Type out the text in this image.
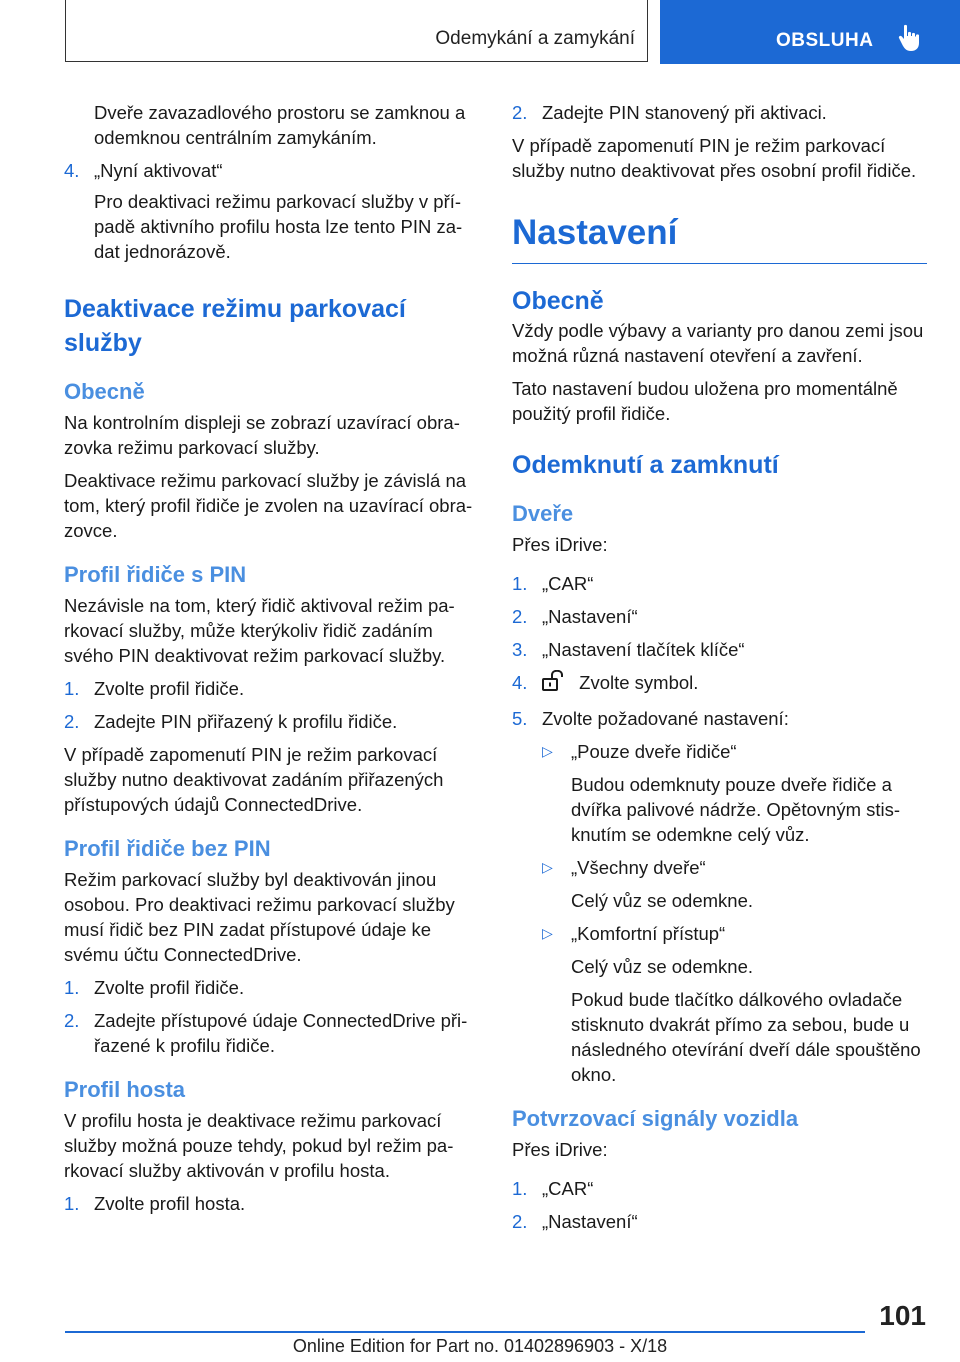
Odemykání a zamykání	OBSLUHA

Dveře zavazadlového prostoru se zamknou a odemknou centrálním zamykáním.

4. „Nyní aktivovat“

Pro deaktivaci režimu parkovací služby v pří-padě aktivního profilu hosta lze tento PIN za-dat jednorázově.

Deaktivace režimu parkovací služby
Obecně

Na kontrolním displeji se zobrazí uzavírací obra-zovka režimu parkovací služby.

Deaktivace režimu parkovací služby je závislá na tom, který profil řidiče je zvolen na uzavírací obra-zovce.

Profil řidiče s PIN

Nezávisle na tom, který řidič aktivoval režim pa-rkovací služby, může kterýkoliv řidič zadáním svého PIN deaktivovat režim parkovací služby.

1. Zvolte profil řidiče.
2. Zadejte PIN přiřazený k profilu řidiče.

V případě zapomenutí PIN je režim parkovací služby nutno deaktivovat zadáním přiřazených přístupových údajů ConnectedDrive.

Profil řidiče bez PIN

Režim parkovací služby byl deaktivován jinou osobou. Pro deaktivaci režimu parkovací služby musí řidič bez PIN zadat přístupové údaje ke svému účtu ConnectedDrive.

1. Zvolte profil řidiče.
2. Zadejte přístupové údaje ConnectedDrive při-řazené k profilu řidiče.
Profil hosta

V profilu hosta je deaktivace režimu parkovací služby možná pouze tehdy, pokud byl režim pa-rkovací služby aktivován v profilu hosta.

1. Zvolte profil hosta.
2. Zadejte PIN stanovený při aktivaci.

V případě zapomenutí PIN je režim parkovací služby nutno deaktivovat přes osobní profil řidiče.

Nastavení
Obecně

Vždy podle výbavy a varianty pro danou zemi jsou možná různá nastavení otevření a zavření.

Tato nastavení budou uložena pro momentálně použitý profil řidiče.

Odemknutí a zamknutí
Dveře

Přes iDrive:

1. „CAR“
2. „Nastavení“
3. „Nastavení tlačítek klíče“
4.	Zvolte symbol.
5. Zvolte požadované nastavení:
▷ „Pouze dveře řidiče“

Budou odemknuty pouze dveře řidiče a dvířka palivové nádrže. Opětovným stis-knutím se odemkne celý vůz.

▷ „Všechny dveře“

Celý vůz se odemkne.

▷ „Komfortní přístup“

Celý vůz se odemkne.

Pokud bude tlačítko dálkového ovladače stisknuto dvakrát přímo za sebou, bude u následného otevírání dveří dále spouštěno okno.

Potvrzovací signály vozidla

Přes iDrive:

1. „CAR“
2. „Nastavení“
101
Online Edition for Part no. 01402896903 - X/18
